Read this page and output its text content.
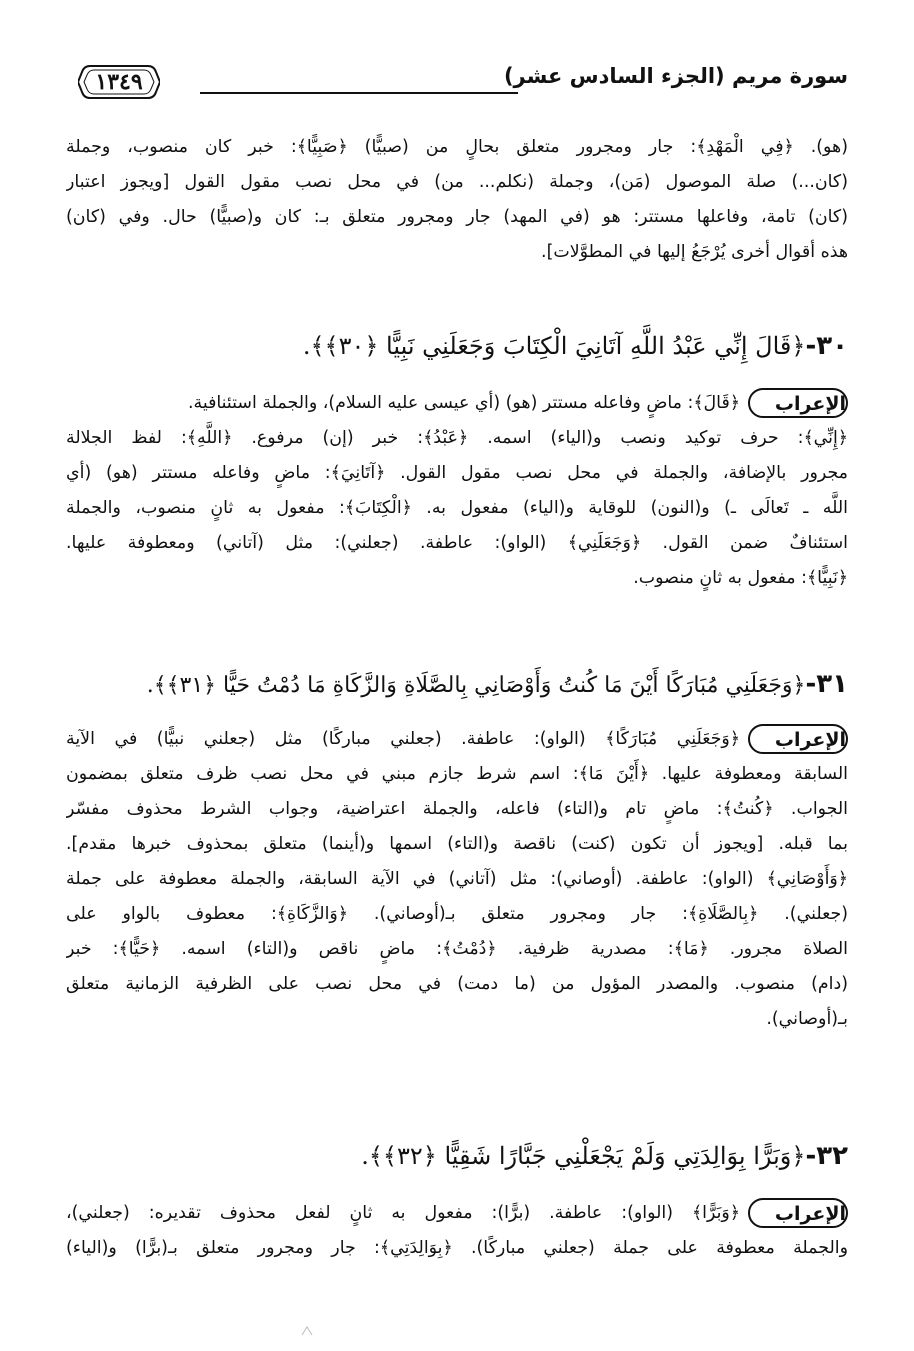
١٣٤٩	سورة مريم (الجزء السادس عشر)
(هو). ﴿فِي الْمَهْدِ﴾: جار ومجرور متعلق بحالٍ من (صبيًّا) ﴿صَبِيًّا﴾: خبر كان منصوب، وجملة
(كان...) صلة الموصول (مَن)، وجملة (نكلم... من) في محل نصب مقول القول [ويجوز اعتبار
(كان) تامة، وفاعلها مستتر: هو (في المهد) جار ومجرور متعلق بـ: كان و(صبيًّا) حال. وفي (كان)
هذه أقوال أخرى يُرْجَعُ إليها في المطوَّلات].
٣٠-﴿قَالَ إِنِّي عَبْدُ اللَّهِ آتَانِيَ الْكِتَابَ وَجَعَلَنِي نَبِيًّا ﴿٣٠﴾﴾.
الإعراب﴿قَالَ﴾: ماضٍ وفاعله مستتر (هو) (أي عيسى عليه السلام)، والجملة استئنافية.
﴿إِنِّي﴾: حرف توكيد ونصب و(الياء) اسمه. ﴿عَبْدُ﴾: خبر (إن) مرفوع. ﴿اللَّهِ﴾: لفظ الجلالة
مجرور بالإضافة، والجملة في محل نصب مقول القول. ﴿آتَانِيَ﴾: ماضٍ وفاعله مستتر (هو) (أي
اللَّه ـ تَعالَى ـ) و(النون) للوقاية و(الياء) مفعول به. ﴿الْكِتَابَ﴾: مفعول به ثانٍ منصوب، والجملة
استئنافٌ ضمن القول. ﴿وَجَعَلَنِي﴾ (الواو): عاطفة. (جعلني): مثل (آتاني) ومعطوفة عليها.
﴿نَبِيًّا﴾: مفعول به ثانٍ منصوب.
٣١-﴿وَجَعَلَنِي مُبَارَكًا أَيْنَ مَا كُنتُ وَأَوْصَانِي بِالصَّلَاةِ وَالزَّكَاةِ مَا دُمْتُ حَيًّا ﴿٣١﴾﴾.
الإعراب﴿وَجَعَلَنِي مُبَارَكًا﴾ (الواو): عاطفة. (جعلني مباركًا) مثل (جعلني نبيًّا) في الآية
السابقة ومعطوفة عليها. ﴿أَيْنَ مَا﴾: اسم شرط جازم مبني في محل نصب ظرف متعلق بمضمون
الجواب. ﴿كُنتُ﴾: ماضٍ تام و(التاء) فاعله، والجملة اعتراضية، وجواب الشرط محذوف مفسّر
بما قبله. [ويجوز أن تكون (كنت) ناقصة و(التاء) اسمها و(أينما) متعلق بمحذوف خبرها مقدم].
﴿وَأَوْصَانِي﴾ (الواو): عاطفة. (أوصاني): مثل (آتاني) في الآية السابقة، والجملة معطوفة على جملة
(جعلني). ﴿بِالصَّلَاةِ﴾: جار ومجرور متعلق بـ(أوصاني). ﴿وَالزَّكَاةِ﴾: معطوف بالواو على
الصلاة مجرور. ﴿مَا﴾: مصدرية ظرفية. ﴿دُمْتُ﴾: ماضٍ ناقص و(التاء) اسمه. ﴿حَيًّا﴾: خبر
(دام) منصوب. والمصدر المؤول من (ما دمت) في محل نصب على الظرفية الزمانية متعلق
بـ(أوصاني).
٣٢-﴿وَبَرًّا بِوَالِدَتِي وَلَمْ يَجْعَلْنِي جَبَّارًا شَقِيًّا ﴿٣٢﴾﴾.
الإعراب﴿وَبَرًّا﴾ (الواو): عاطفة. (برًّا): مفعول به ثانٍ لفعل محذوف تقديره: (جعلني)،
والجملة معطوفة على جملة (جعلني مباركًا). ﴿بِوَالِدَتِي﴾: جار ومجرور متعلق بـ(برًّا) و(الياء)
